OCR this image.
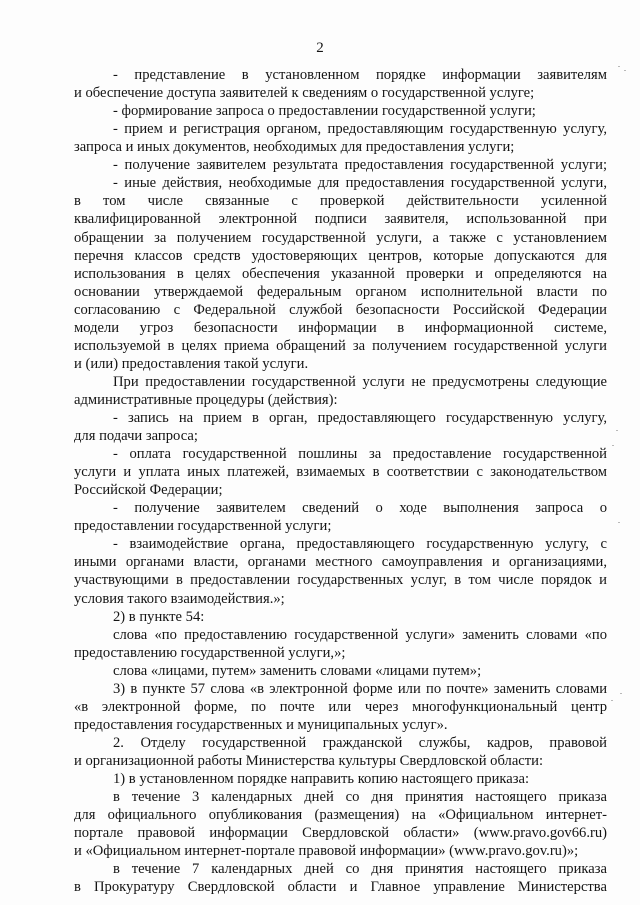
2
- представление в установленном порядке информации заявителям
и обеспечение доступа заявителей к сведениям о государственной услуге;
- формирование запроса о предоставлении государственной услуги;
- прием и регистрация органом, предоставляющим государственную услугу,
запроса и иных документов, необходимых для предоставления услуги;
- получение заявителем результата предоставления государственной услуги;
- иные действия, необходимые для предоставления государственной услуги,
в том числе связанные с проверкой действительности усиленной
квалифицированной электронной подписи заявителя, использованной при
обращении за получением государственной услуги, а также с установлением
перечня классов средств удостоверяющих центров, которые допускаются для
использования в целях обеспечения указанной проверки и определяются на
основании утверждаемой федеральным органом исполнительной власти по
согласованию с Федеральной службой безопасности Российской Федерации
модели угроз безопасности информации в информационной системе,
используемой в целях приема обращений за получением государственной услуги
и (или) предоставления такой услуги.
При предоставлении государственной услуги не предусмотрены следующие
административные процедуры (действия):
- запись на прием в орган, предоставляющего государственную услугу,
для подачи запроса;
- оплата государственной пошлины за предоставление государственной
услуги и уплата иных платежей, взимаемых в соответствии с законодательством
Российской Федерации;
- получение заявителем сведений о ходе выполнения запроса о
предоставлении государственной услуги;
- взаимодействие органа, предоставляющего государственную услугу, с
иными органами власти, органами местного самоуправления и организациями,
участвующими в предоставлении государственных услуг, в том числе порядок и
условия такого взаимодействия.»;
2) в пункте 54:
слова «по предоставлению государственной услуги» заменить словами «по
предоставлению государственной услуги,»;
слова «лицами, путем» заменить словами «лицами путем»;
3) в пункте 57 слова «в электронной форме или по почте» заменить словами
«в электронной форме, по почте или через многофункциональный центр
предоставления государственных и муниципальных услуг».
2. Отделу государственной гражданской службы, кадров, правовой
и организационной работы Министерства культуры Свердловской области:
1) в установленном порядке направить копию настоящего приказа:
в течение 3 календарных дней со дня принятия настоящего приказа
для официального опубликования (размещения) на «Официальном интернет-
портале правовой информации Свердловской области» (www.pravo.gov66.ru)
и «Официальном интернет-портале правовой информации» (www.pravo.gov.ru)»;
в течение 7 календарных дней со дня принятия настоящего приказа
в Прокуратуру Свердловской области и Главное управление Министерства
